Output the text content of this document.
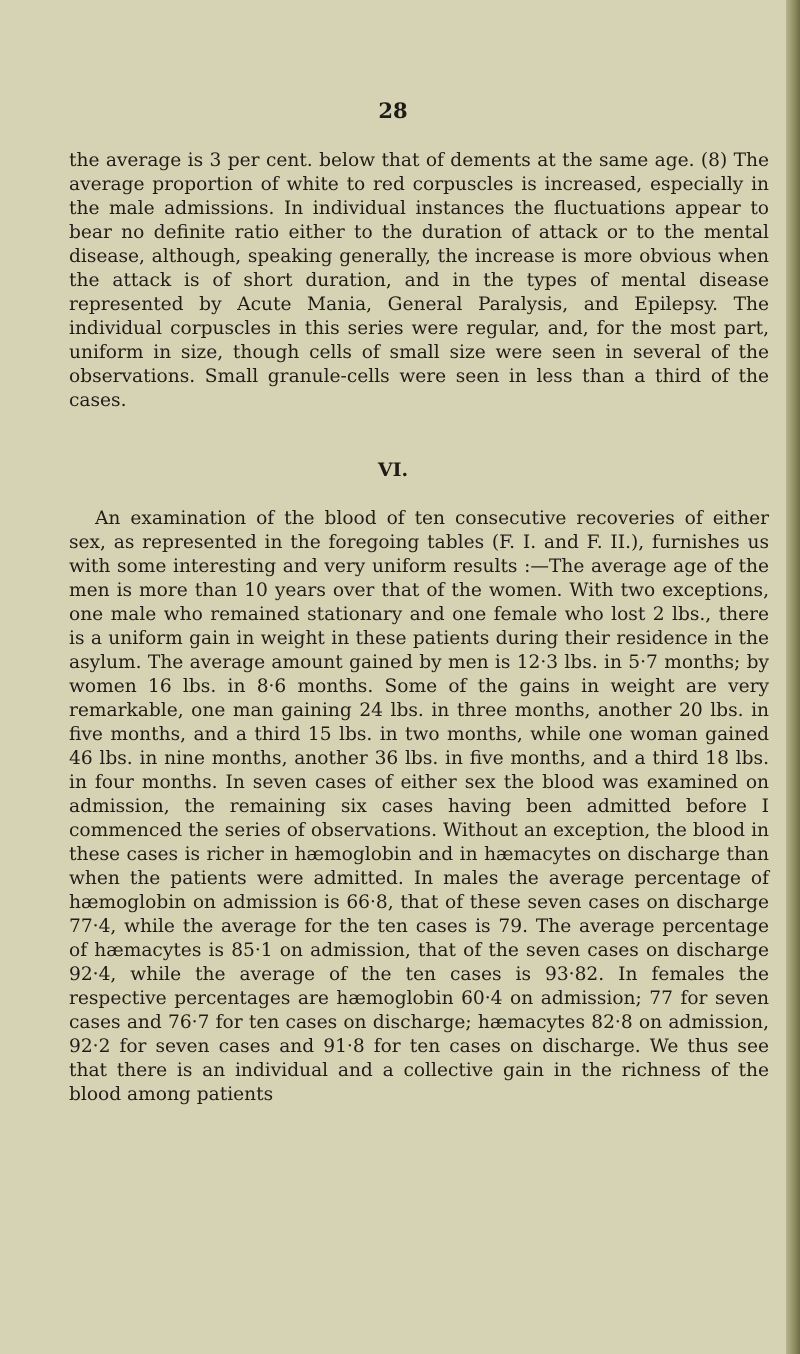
28

the average is 3 per cent. below that of dements at the same age. (8) The average proportion of white to red corpuscles is increased, especially in the male admissions. In individual instances the fluctuations appear to bear no definite ratio either to the duration of attack or to the mental disease, although, speaking generally, the increase is more obvious when the attack is of short duration, and in the types of mental disease represented by Acute Mania, General Paralysis, and Epilepsy. The individual corpuscles in this series were regular, and, for the most part, uniform in size, though cells of small size were seen in several of the observations. Small granule-cells were seen in less than a third of the cases.

VI.

An examination of the blood of ten consecutive recoveries of either sex, as represented in the foregoing tables (F. I. and F. II.), furnishes us with some interesting and very uniform results :—The average age of the men is more than 10 years over that of the women. With two exceptions, one male who remained stationary and one female who lost 2 lbs., there is a uniform gain in weight in these patients during their residence in the asylum. The average amount gained by men is 12·3 lbs. in 5·7 months; by women 16 lbs. in 8·6 months. Some of the gains in weight are very remarkable, one man gaining 24 lbs. in three months, another 20 lbs. in five months, and a third 15 lbs. in two months, while one woman gained 46 lbs. in nine months, another 36 lbs. in five months, and a third 18 lbs. in four months. In seven cases of either sex the blood was examined on admission, the remaining six cases having been admitted before I commenced the series of observations. Without an exception, the blood in these cases is richer in hæmoglobin and in hæmacytes on discharge than when the patients were admitted. In males the average percentage of hæmoglobin on admission is 66·8, that of these seven cases on discharge 77·4, while the average for the ten cases is 79. The average percentage of hæmacytes is 85·1 on admission, that of the seven cases on discharge 92·4, while the average of the ten cases is 93·82. In females the respective percentages are hæmoglobin 60·4 on admission; 77 for seven cases and 76·7 for ten cases on discharge; hæmacytes 82·8 on admission, 92·2 for seven cases and 91·8 for ten cases on discharge. We thus see that there is an individual and a collective gain in the richness of the blood among patients
